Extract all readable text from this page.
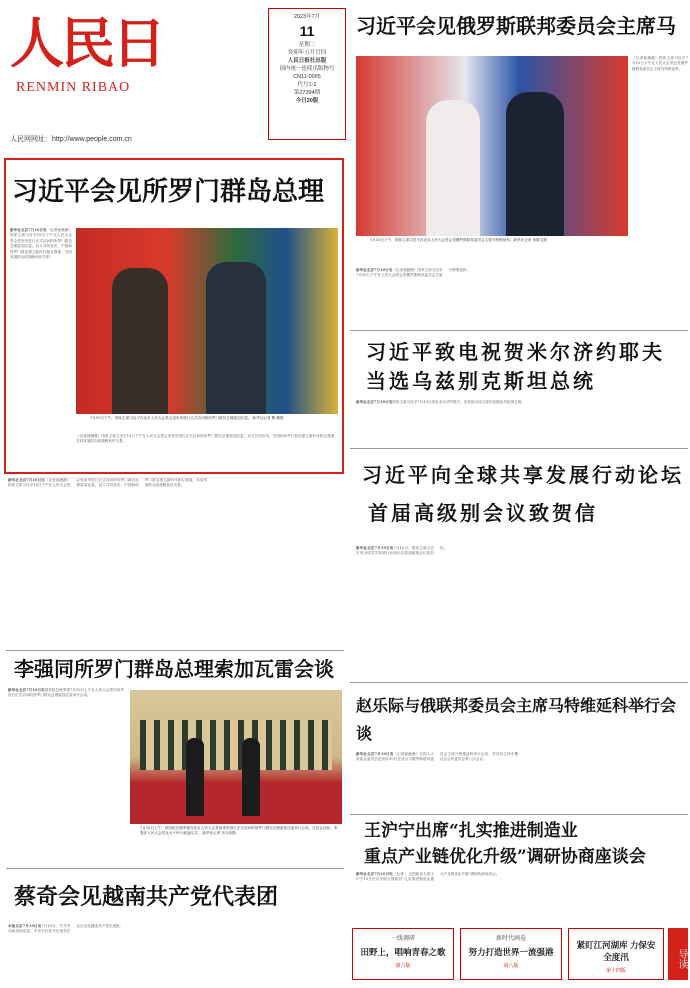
人民日
RENMIN RIBAO
人民网网址：http://www.people.com.cn
2023年7月
11
星期二
癸卯年五月廿四
人民日报社出版
国内统一连续出版物号
CN11-0065
代号1-1
第27394期
今日20版
习近平会见所罗门群岛总理
新华社北京7月10日电（记者郝薇薇）国家主席习近平10日下午在人民大会堂会见来华进行正式访问的所罗门群岛总理索加瓦雷。双方共同宣布，中国和所罗门群岛建立新时代相互尊重、共同发展的全面战略伙伴关系。
7月10日下午，国家主席习近平在北京人民大会堂会见来华进行正式访问的所罗门群岛总理索加瓦雷。 新华社记者 鞠 鹏摄
（记者郝薇薇）国家主席习近平10日下午在人民大会堂会见来华进行正式访问的所罗门群岛总理索加瓦雷。双方共同宣布，中国和所罗门群岛建立新时代相互尊重、共同发展的全面战略伙伴关系。
新华社北京7月10日电（记者郝薇薇）国家主席习近平10日下午在人民大会堂会见来华进行正式访问的所罗门群岛总理索加瓦雷。双方共同宣布，中国和所罗门群岛建立新时代相互尊重、共同发展的全面战略伙伴关系。
李强同所罗门群岛总理索加瓦雷会谈
新华社北京7月10日电国务院总理李强7月10日上午在人民大会堂同来华进行正式访问的所罗门群岛总理索加瓦雷举行会谈。
7月10日上午，国务院总理李强在北京人民大会堂同来华进行正式访问的所罗门群岛总理索加瓦雷举行会谈。这是会谈前，李强在人民大会堂北大厅举行欢迎仪式。 新华社记者 岳月伟摄
蔡奇会见越南共产党代表团
本报北京7月10日电7月10日，中共中央政治局常委、中央书记处书记蔡奇在北京会见越南共产党代表团。
习近平会见俄罗斯联邦委员会主席马
7月10日下午，国家主席习近平在北京人民大会堂会见俄罗斯联邦委员会主席马特维延科。新华社记者 黄敬文摄
（记者郝薇薇）国家主席习近平7月10日下午在人民大会堂会见俄罗斯联邦委员会主席马特维延科。
新华社北京7月10日电（记者郝薇薇）国家主席习近平7月10日下午在人民大会堂会见俄罗斯联邦委员会主席马特维延科。
习近平致电祝贺米尔济约耶夫
当选乌兹别克斯坦总统
新华社北京7月10日电国家主席习近平7月10日致电米尔济约耶夫，祝贺他当选乌兹别克斯坦共和国总统。
习近平向全球共享发展行动论坛
首届高级别会议致贺信
新华社北京7月10日电7月10日，国家主席习近平向全球共享发展行动论坛首届高级别会议致贺信。
赵乐际与俄联邦委员会主席马特维延科举行会谈
新华社北京7月10日电（记者郝薇薇）全国人大常委会委员长赵乐际10日在北京与俄罗斯联邦委员会主席马特维延科举行会谈，并共同主持中俄议会合作委员会第八次会议。
王沪宁出席“扎实推进制造业
重点产业链优化升级”调研协商座谈会
新华社北京7月10日电（记者 ）全国政协主席王沪宁10日在京出席全国政协“扎实推进制造业重点产业链优化升级”调研协商座谈会。
一线调研
田野上，唱响青春之歌
第六版
新时代画卷
努力打造世界一流强港
第八版
紧盯江河湖库 力保安全度汛
第十四版
导读
